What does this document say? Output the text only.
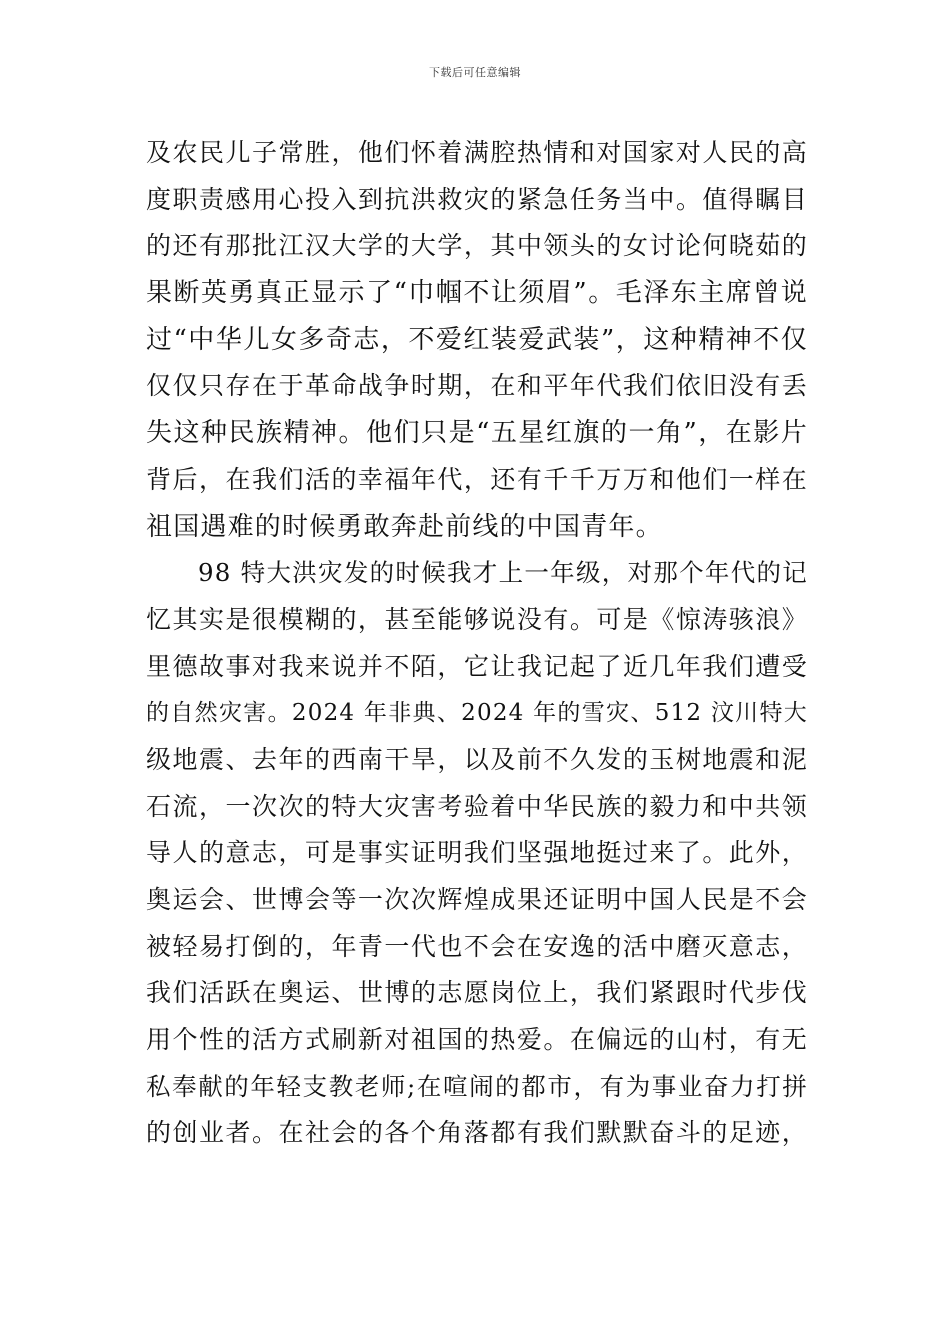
下载后可任意编辑
及农民儿子常胜，他们怀着满腔热情和对国家对人民的高
度职责感用心投入到抗洪救灾的紧急任务当中。值得瞩目
的还有那批江汉大学的大学，其中领头的女讨论何晓茹的
果断英勇真正显示了“巾帼不让须眉”。毛泽东主席曾说
过“中华儿女多奇志，不爱红装爱武装”，这种精神不仅
仅仅只存在于革命战争时期，在和平年代我们依旧没有丢
失这种民族精神。他们只是“五星红旗的一角”，在影片
背后，在我们活的幸福年代，还有千千万万和他们一样在
祖国遇难的时候勇敢奔赴前线的中国青年。
98 特大洪灾发的时候我才上一年级，对那个年代的记
忆其实是很模糊的，甚至能够说没有。可是《惊涛骇浪》
里德故事对我来说并不陌，它让我记起了近几年我们遭受
的自然灾害。2024 年非典、2024 年的雪灾、512 汶川特大
级地震、去年的西南干旱，以及前不久发的玉树地震和泥
石流，一次次的特大灾害考验着中华民族的毅力和中共领
导人的意志，可是事实证明我们坚强地挺过来了。此外，
奥运会、世博会等一次次辉煌成果还证明中国人民是不会
被轻易打倒的，年青一代也不会在安逸的活中磨灭意志，
我们活跃在奥运、世博的志愿岗位上，我们紧跟时代步伐
用个性的活方式刷新对祖国的热爱。在偏远的山村，有无
私奉献的年轻支教老师;在喧闹的都市，有为事业奋力打拼
的创业者。在社会的各个角落都有我们默默奋斗的足迹，
